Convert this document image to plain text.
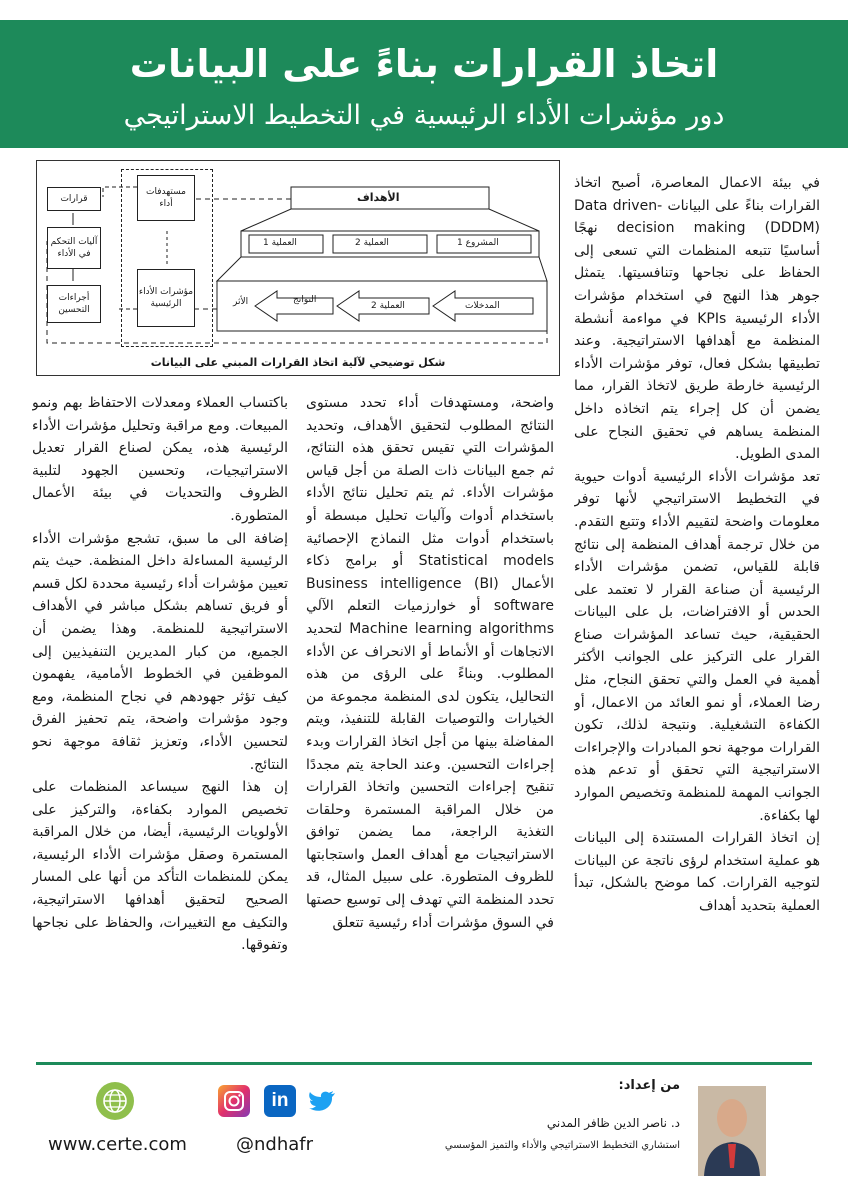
اتخاذ القرارات بناءً على البيانات
دور مؤشرات الأداء الرئيسية في التخطيط الاستراتيجي
مستهدفات أداء
مؤشرات الأداء الرئيسية
قرارات
آليات التحكم في الأداء
أجراءات التحسين
الأهداف
المشروع 1
العملية 2
العملية 1
المدخلات
العملية 2
النواتج
الأثر
شكل توضيحي لآلية اتخاذ القرارات المبني على البيانات

في بيئة الاعمال المعاصرة، أصبح اتخاذ القرارات بناءً على البيانات -Data driven decision making (DDDM) نهجًا أساسيًا تتبعه المنظمات التي تسعى إلى الحفاظ على نجاحها وتنافسيتها. يتمثل جوهر هذا النهج في استخدام مؤشرات الأداء الرئيسية KPIs في مواءمة أنشطة المنظمة مع أهدافها الاستراتيجية. وعند تطبيقها بشكل فعال، توفر مؤشرات الأداء الرئيسية خارطة طريق لاتخاذ القرار، مما يضمن أن كل إجراء يتم اتخاذه داخل المنظمة يساهم في تحقيق النجاح على المدى الطويل.

تعد مؤشرات الأداء الرئيسية أدوات حيوية في التخطيط الاستراتيجي لأنها توفر معلومات واضحة لتقييم الأداء وتتبع التقدم. من خلال ترجمة أهداف المنظمة إلى نتائج قابلة للقياس، تضمن مؤشرات الأداء الرئيسية أن صناعة القرار لا تعتمد على الحدس أو الافتراضات، بل على البيانات الحقيقية، حيث تساعد المؤشرات صناع القرار على التركيز على الجوانب الأكثر أهمية في العمل والتي تحقق النجاح، مثل رضا العملاء، أو نمو العائد من الاعمال، أو الكفاءة التشغيلية. ونتيجة لذلك، تكون القرارات موجهة نحو المبادرات والإجراءات الاستراتيجية التي تحقق أو تدعم هذه الجوانب المهمة للمنظمة وتخصيص الموارد لها بكفاءة.

إن اتخاذ القرارات المستندة إلى البيانات هو عملية استخدام لرؤى ناتجة عن البيانات لتوجيه القرارات. كما موضح بالشكل، تبدأ العملية بتحديد أهداف

واضحة، ومستهدفات أداء تحدد مستوى النتائج المطلوب لتحقيق الأهداف، وتحديد المؤشرات التي تقيس تحقق هذه النتائج، ثم جمع البيانات ذات الصلة من أجل قياس مؤشرات الأداء. ثم يتم تحليل نتائج الأداء باستخدام أدوات وآليات تحليل مبسطة أو باستخدام أدوات مثل النماذج الإحصائية Statistical models أو برامج ذكاء الأعمال Business intelligence (BI) software أو خوارزميات التعلم الآلي Machine learning algorithms لتحديد الاتجاهات أو الأنماط أو الانحراف عن الأداء المطلوب. وبناءً على الرؤى من هذه التحاليل، يتكون لدى المنظمة مجموعة من الخيارات والتوصيات القابلة للتنفيذ، ويتم المفاضلة بينها من أجل اتخاذ القرارات وبدء إجراءات التحسين. وعند الحاجة يتم مجددًا تنقيح إجراءات التحسين واتخاذ القرارات من خلال المراقبة المستمرة وحلقات التغذية الراجعة، مما يضمن توافق الاستراتيجيات مع أهداف العمل واستجابتها للظروف المتطورة. على سبيل المثال، قد تحدد المنظمة التي تهدف إلى توسيع حصتها في السوق مؤشرات أداء رئيسية تتعلق

باكتساب العملاء ومعدلات الاحتفاظ بهم ونمو المبيعات. ومع مراقبة وتحليل مؤشرات الأداء الرئيسية هذه، يمكن لصناع القرار تعديل الاستراتيجيات، وتحسين الجهود لتلبية الظروف والتحديات في بيئة الأعمال المتطورة.

إضافة الى ما سبق، تشجع مؤشرات الأداء الرئيسية المساءلة داخل المنظمة. حيث يتم تعيين مؤشرات أداء رئيسية محددة لكل قسم أو فريق تساهم بشكل مباشر في الأهداف الاستراتيجية للمنظمة. وهذا يضمن أن الجميع، من كبار المديرين التنفيذيين إلى الموظفين في الخطوط الأمامية، يفهمون كيف تؤثر جهودهم في نجاح المنظمة، ومع وجود مؤشرات واضحة، يتم تحفيز الفرق لتحسين الأداء، وتعزيز ثقافة موجهة نحو النتائج.

إن هذا النهج سيساعد المنظمات على تخصيص الموارد بكفاءة، والتركيز على الأولويات الرئيسية، أيضا، من خلال المراقبة المستمرة وصقل مؤشرات الأداء الرئيسية، يمكن للمنظمات التأكد من أنها على المسار الصحيح لتحقيق أهدافها الاستراتيجية، والتكيف مع التغييرات، والحفاظ على نجاحها وتفوقها.

من إعداد:
د. ناصر الدين ظافر المدني
استشاري التخطيط الاستراتيجي والأداء والتميز المؤسسي
www.certe.com
in
@ndhafr
